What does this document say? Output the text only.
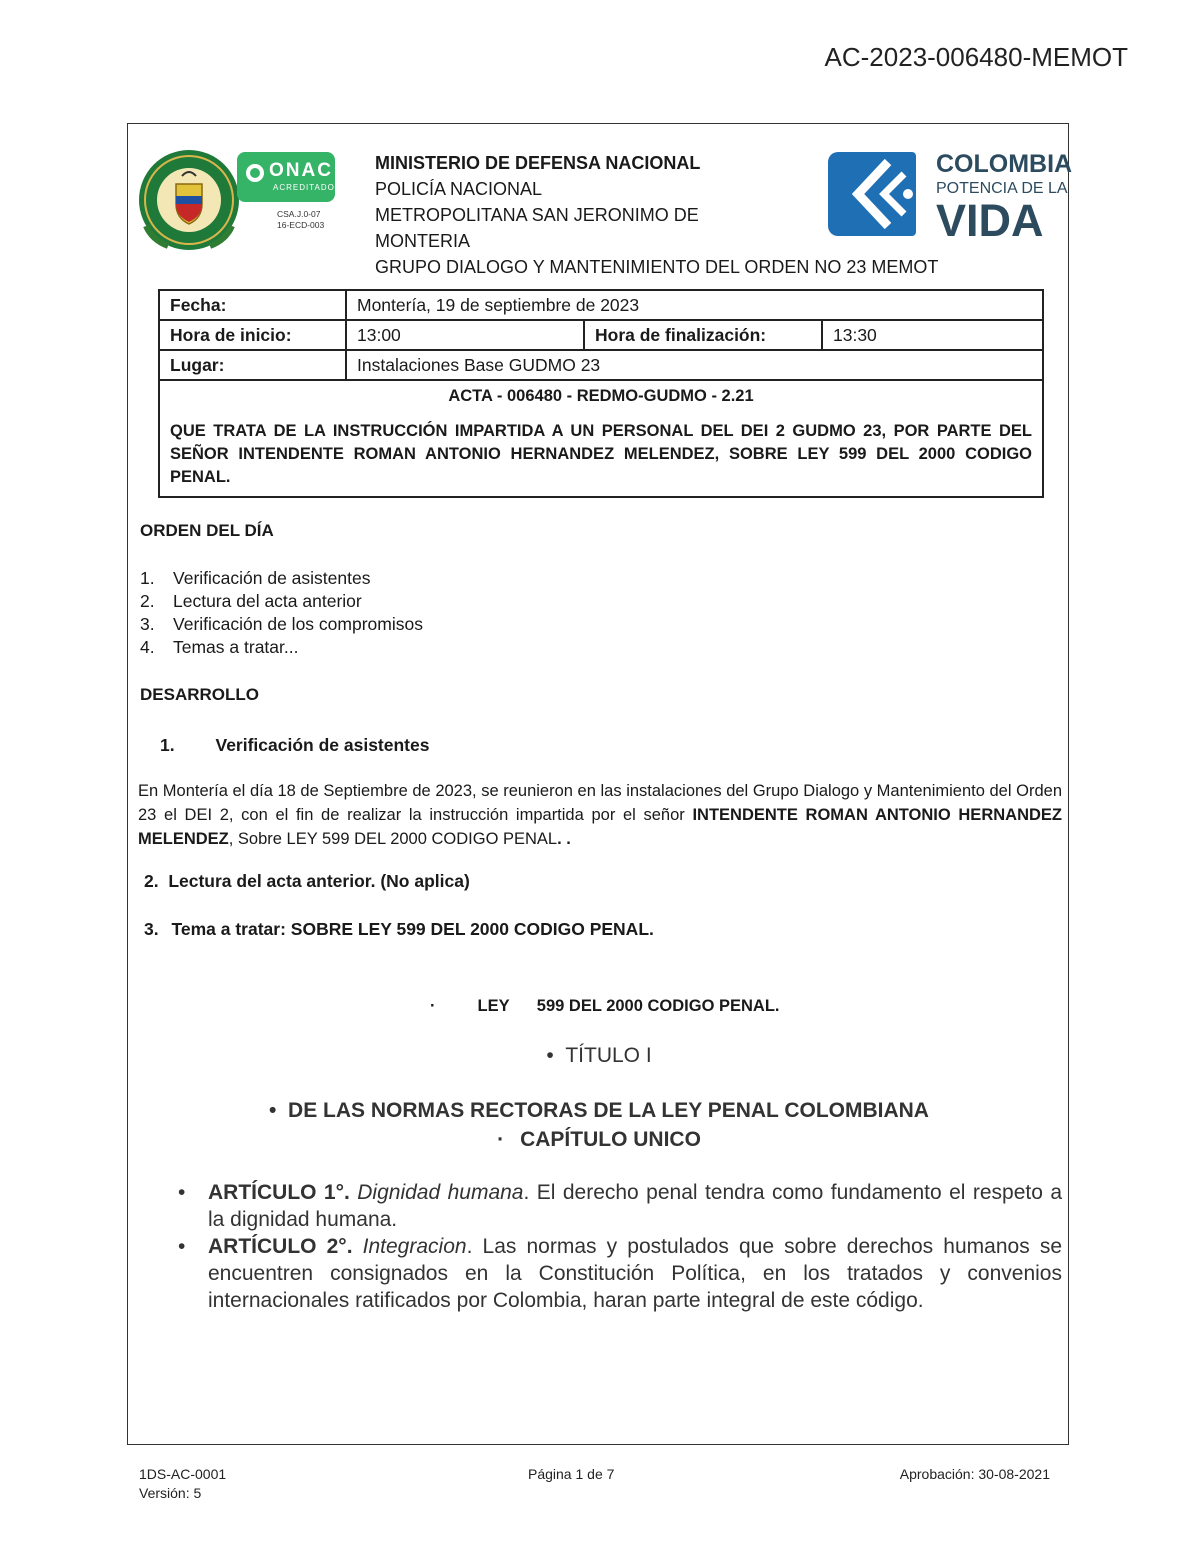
AC-2023-006480-MEMOT
ONAC
ACREDITADO
CSA.J.0-07
16-ECD-003
MINISTERIO DE DEFENSA NACIONAL
POLICÍA NACIONAL
METROPOLITANA SAN JERONIMO DE
MONTERIA
GRUPO DIALOGO Y MANTENIMIENTO DEL ORDEN NO 23 MEMOT
COLOMBIA
POTENCIA DE LA
VIDA
Fecha:	Montería, 19 de septiembre de 2023		
Hora de inicio:	13:00	Hora de finalización:	13:30
Lugar:	Instalaciones Base GUDMO 23		
ACTA - 006480 - REDMO-GUDMO - 2.21
QUE TRATA DE LA INSTRUCCIÓN IMPARTIDA A UN PERSONAL DEL DEI 2 GUDMO 23, POR PARTE DEL SEÑOR INTENDENTE ROMAN ANTONIO HERNANDEZ MELENDEZ, SOBRE LEY 599 DEL 2000 CODIGO PENAL.
ORDEN DEL DÍA
1. Verificación de asistentes
2. Lectura del acta anterior
3. Verificación de los compromisos
4. Temas a tratar...
DESARROLLO
1. Verificación de asistentes
En Montería el día 18 de Septiembre de 2023, se reunieron en las instalaciones del Grupo Dialogo y Mantenimiento del Orden 23 el DEI 2, con el fin de realizar la instrucción impartida por el señor INTENDENTE ROMAN ANTONIO HERNANDEZ MELENDEZ, Sobre LEY 599 DEL 2000 CODIGO PENAL. .
2.  Lectura del acta anterior. (No aplica)
3. Tema a tratar: SOBRE LEY 599 DEL 2000 CODIGO PENAL.
·	LEY      599 DEL 2000 CODIGO PENAL.
•  TÍTULO I
•  DE LAS NORMAS RECTORAS DE LA LEY PENAL COLOMBIANA
· CAPÍTULO UNICO
• ARTÍCULO 1°. Dignidad humana. El derecho penal tendra como fundamento el respeto a la dignidad humana.
• ARTÍCULO 2°. Integracion. Las normas y postulados que sobre derechos humanos se encuentren consignados en la Constitución Política, en los tratados y convenios internacionales ratificados por Colombia, haran parte integral de este código.
1DS-AC-0001
Versión: 5
Página 1 de 7	Aprobación: 30-08-2021
